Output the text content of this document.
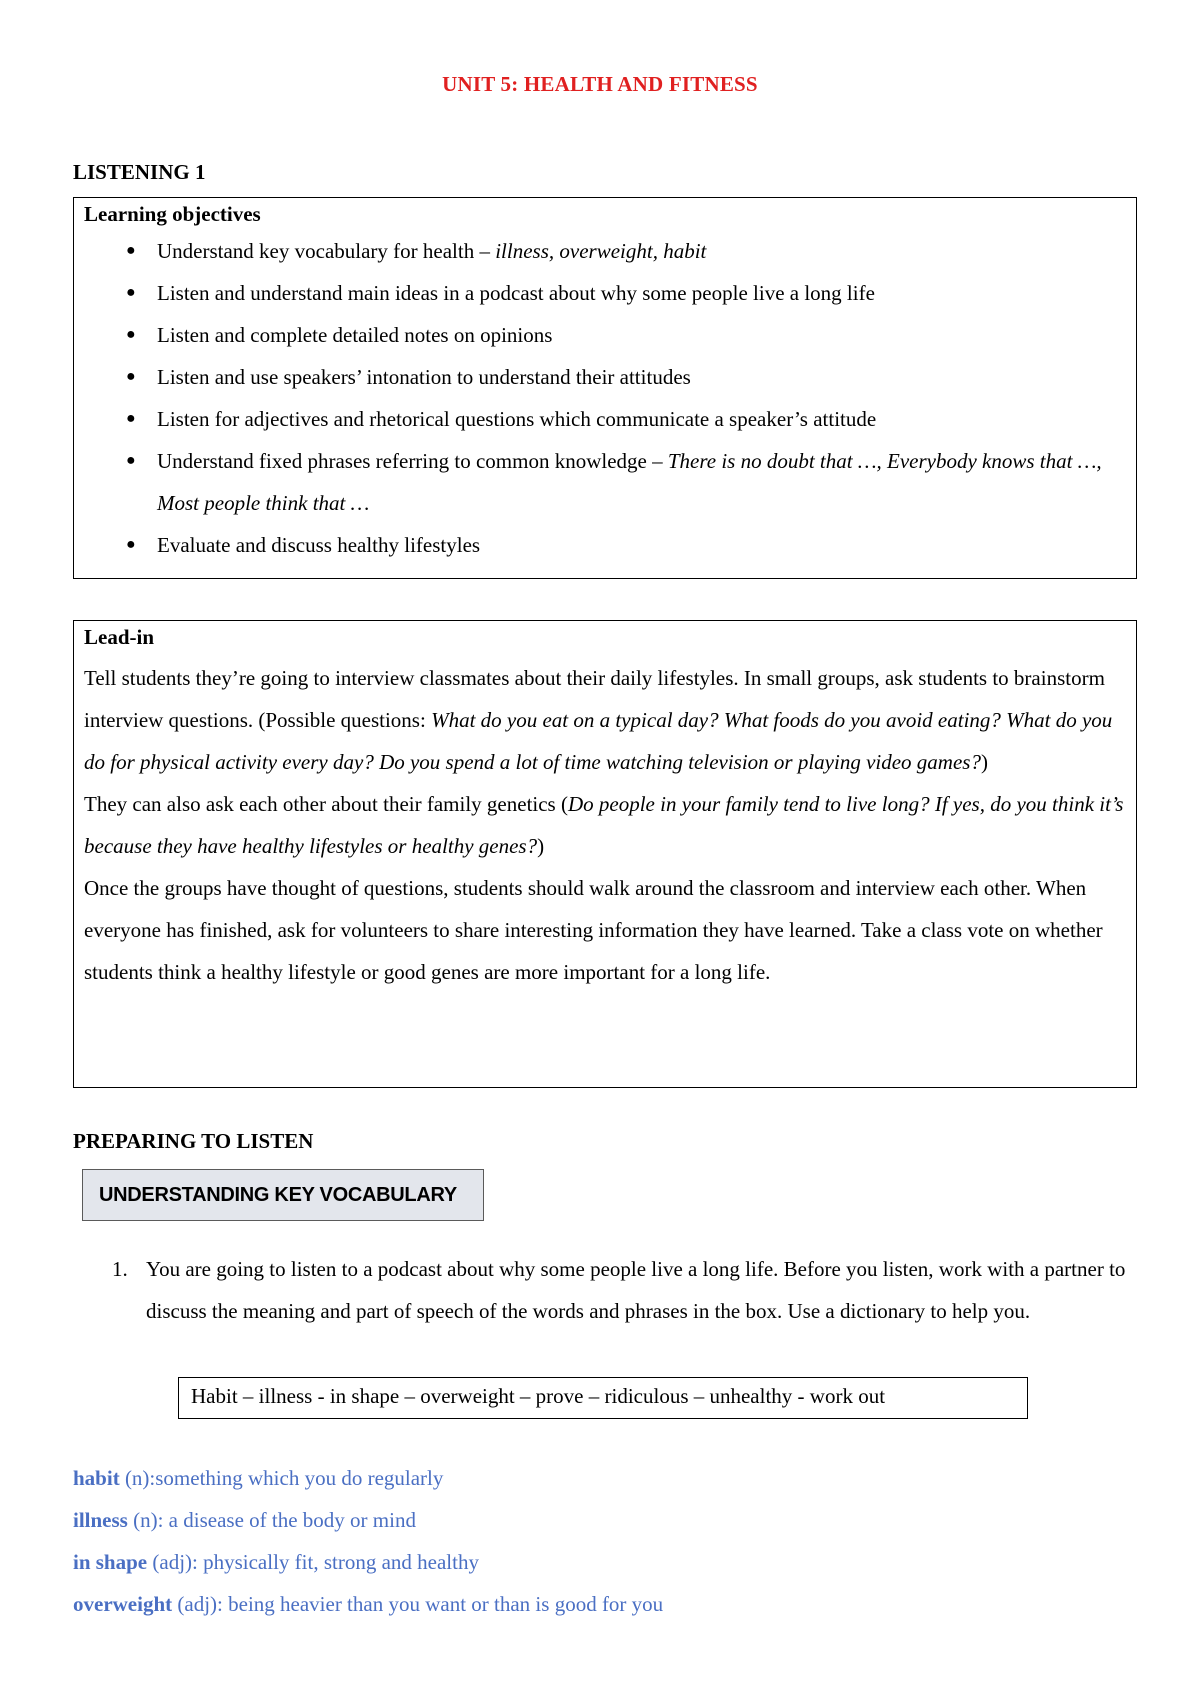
UNIT 5: HEALTH AND FITNESS
LISTENING 1
Learning objectives
● Understand key vocabulary for health – illness, overweight, habit
● Listen and understand main ideas in a podcast about why some people live a long life
● Listen and complete detailed notes on opinions
● Listen and use speakers’ intonation to understand their attitudes
● Listen for adjectives and rhetorical questions which communicate a speaker’s attitude
● Understand fixed phrases referring to common knowledge – There is no doubt that …, Everybody knows that …, Most people think that …
● Evaluate and discuss healthy lifestyles
Lead-in
Tell students they’re going to interview classmates about their daily lifestyles. In small groups, ask students to brainstorm interview questions. (Possible questions: What do you eat on a typical day? What foods do you avoid eating? What do you do for physical activity every day? Do you spend a lot of time watching television or playing video games?)
They can also ask each other about their family genetics (Do people in your family tend to live long? If yes, do you think it’s because they have healthy lifestyles or healthy genes?)
Once the groups have thought of questions, students should walk around the classroom and interview each other. When everyone has finished, ask for volunteers to share interesting information they have learned. Take a class vote on whether students think a healthy lifestyle or good genes are more important for a long life.
PREPARING TO LISTEN
UNDERSTANDING KEY VOCABULARY
1. You are going to listen to a podcast about why some people live a long life. Before you listen, work with a partner to discuss the meaning and part of speech of the words and phrases in the box. Use a dictionary to help you.
Habit – illness - in shape – overweight – prove – ridiculous – unhealthy - work out
habit (n):something which you do regularly
illness (n): a disease of the body or mind
in shape (adj): physically fit, strong and healthy
overweight (adj): being heavier than you want or than is good for you
